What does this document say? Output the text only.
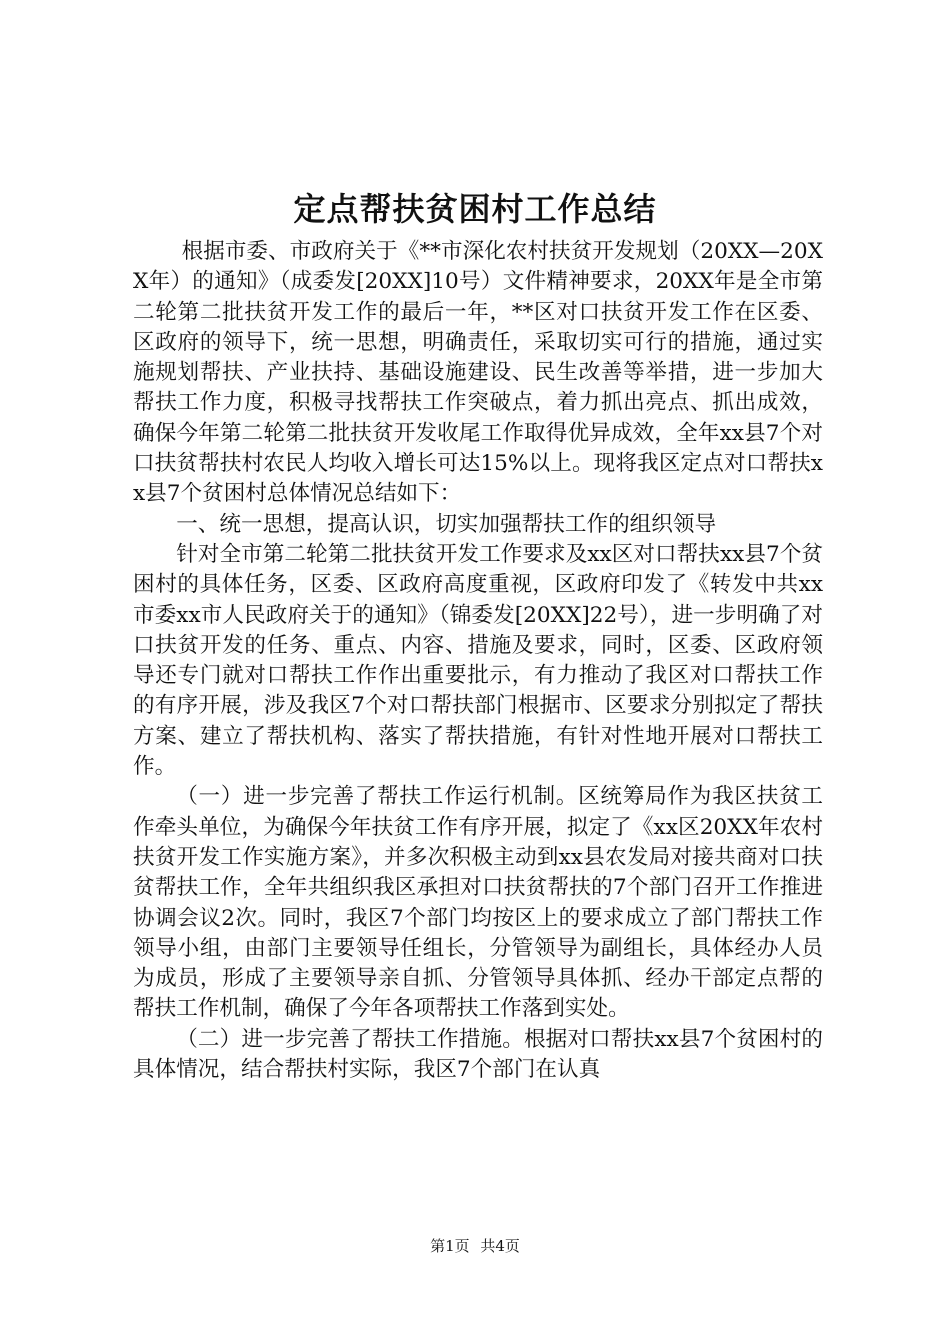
定点帮扶贫困村工作总结

根据市委、市政府关于《**市深化农村扶贫开发规划（20XX—20XX年）的通知》（成委发[20XX]10号）文件精神要求，20XX年是全市第二轮第二批扶贫开发工作的最后一年，**区对口扶贫开发工作在区委、区政府的领导下，统一思想，明确责任，采取切实可行的措施，通过实施规划帮扶、产业扶持、基础设施建设、民生改善等举措，进一步加大帮扶工作力度，积极寻找帮扶工作突破点，着力抓出亮点、抓出成效，确保今年第二轮第二批扶贫开发收尾工作取得优异成效，全年xx县7个对口扶贫帮扶村农民人均收入增长可达15%以上。现将我区定点对口帮扶xx县7个贫困村总体情况总结如下：

一、统一思想，提高认识，切实加强帮扶工作的组织领导

针对全市第二轮第二批扶贫开发工作要求及xx区对口帮扶xx县7个贫困村的具体任务，区委、区政府高度重视，区政府印发了《转发中共xx市委xx市人民政府关于的通知》（锦委发[20XX]22号），进一步明确了对口扶贫开发的任务、重点、内容、措施及要求，同时，区委、区政府领导还专门就对口帮扶工作作出重要批示，有力推动了我区对口帮扶工作的有序开展，涉及我区7个对口帮扶部门根据市、区要求分别拟定了帮扶方案、建立了帮扶机构、落实了帮扶措施，有针对性地开展对口帮扶工作。

（一）进一步完善了帮扶工作运行机制。区统筹局作为我区扶贫工作牵头单位，为确保今年扶贫工作有序开展，拟定了《xx区20XX年农村扶贫开发工作实施方案》，并多次积极主动到xx县农发局对接共商对口扶贫帮扶工作，全年共组织我区承担对口扶贫帮扶的7个部门召开工作推进协调会议2次。同时，我区7个部门均按区上的要求成立了部门帮扶工作领导小组，由部门主要领导任组长，分管领导为副组长，具体经办人员为成员，形成了主要领导亲自抓、分管领导具体抓、经办干部定点帮的帮扶工作机制，确保了今年各项帮扶工作落到实处。

（二）进一步完善了帮扶工作措施。根据对口帮扶xx县7个贫困村的具体情况，结合帮扶村实际，我区7个部门在认真

第1页 共4页
